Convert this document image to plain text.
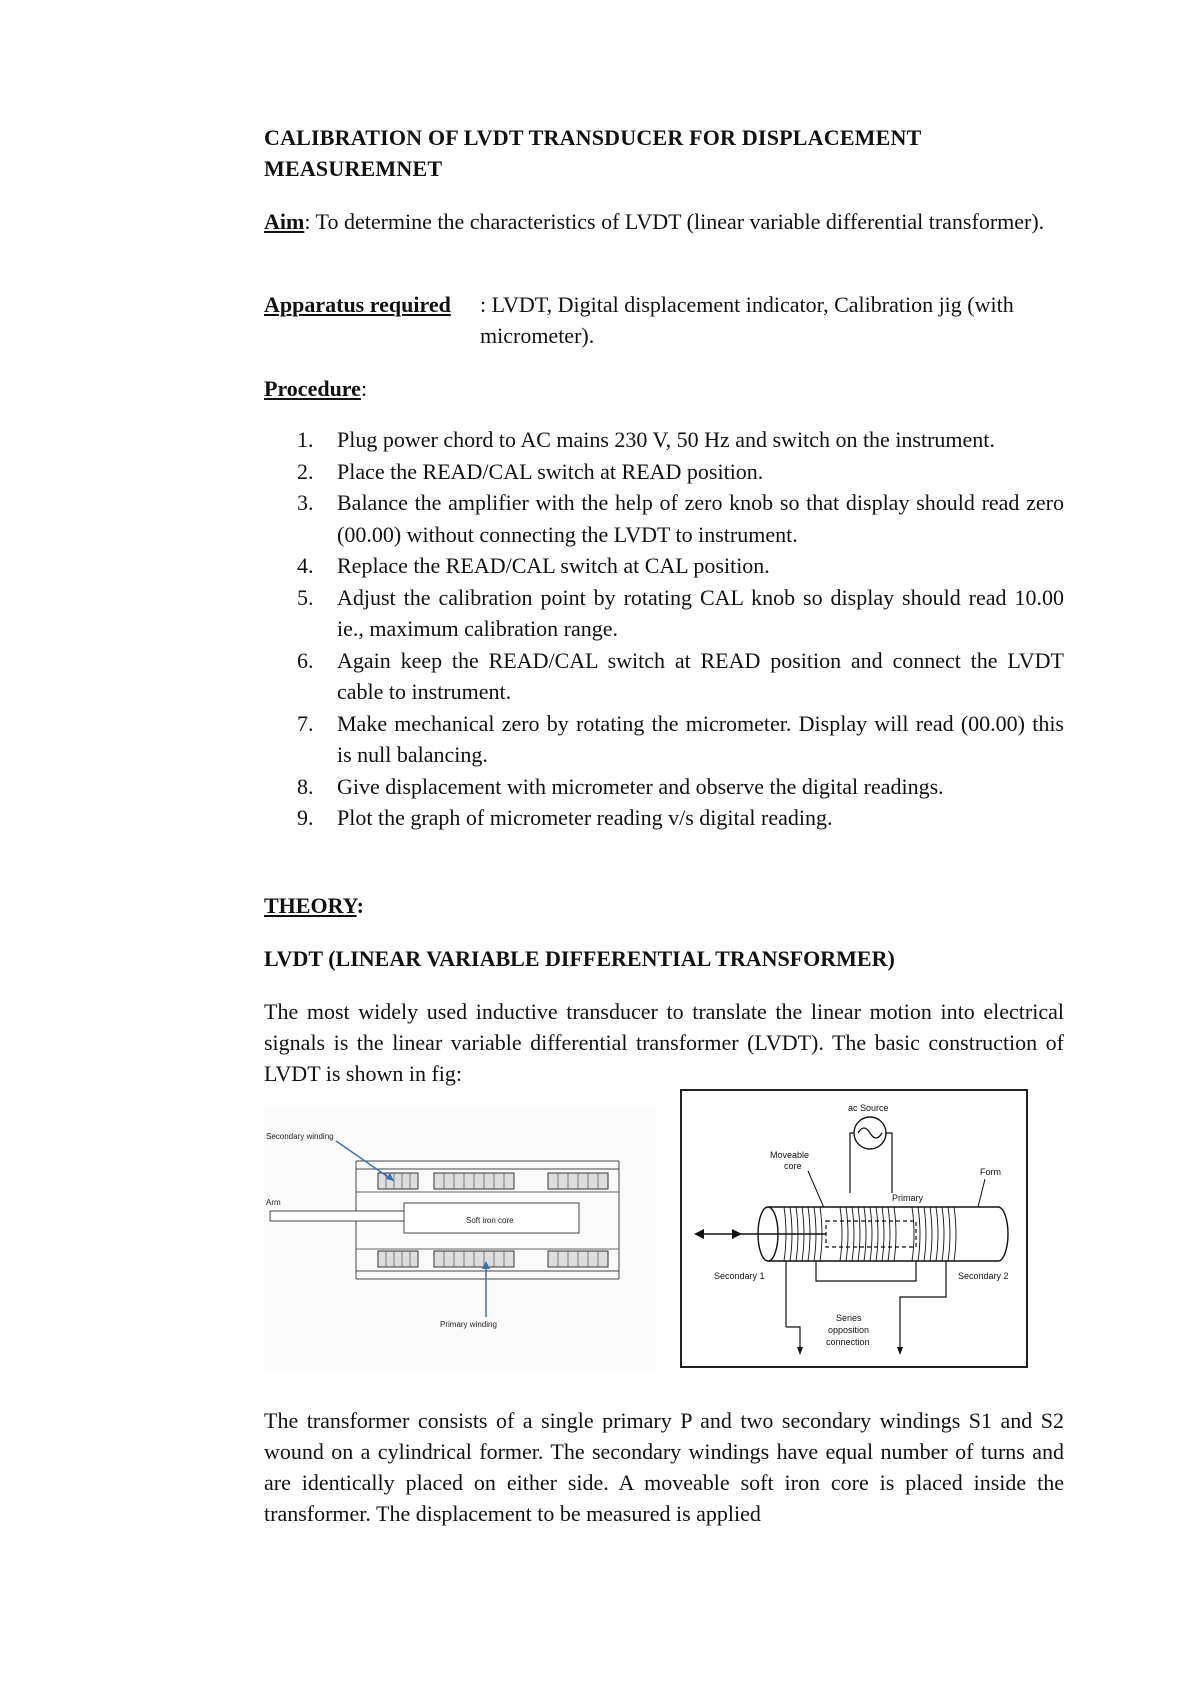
CALIBRATION OF LVDT TRANSDUCER FOR DISPLACEMENT MEASUREMNET
Aim: To determine the characteristics of LVDT (linear variable differential transformer).
Apparatus required : LVDT, Digital displacement indicator, Calibration jig (with micrometer).
Procedure:
1. Plug power chord to AC mains 230 V, 50 Hz and switch on the instrument.
2. Place the READ/CAL switch at READ position.
3. Balance the amplifier with the help of zero knob so that display should read zero (00.00) without connecting the LVDT to instrument.
4. Replace the READ/CAL switch at CAL position.
5. Adjust the calibration point by rotating CAL knob so display should read 10.00 ie., maximum calibration range.
6. Again keep the READ/CAL switch at READ position and connect the LVDT cable to instrument.
7. Make mechanical zero by rotating the micrometer. Display will read (00.00) this is null balancing.
8. Give displacement with micrometer and observe the digital readings.
9. Plot the graph of micrometer reading v/s digital reading.
THEORY:
LVDT (LINEAR VARIABLE DIFFERENTIAL TRANSFORMER)
The most widely used inductive transducer to translate the linear motion into electrical signals is the linear variable differential transformer (LVDT). The basic construction of LVDT is shown in fig:
Soft iron core
Arm
Secondary winding
Primary winding
ac Source
Moveable
core
Form
Primary
Secondary 1	Secondary 2
Series
opposition
connection
The transformer consists of a single primary P and two secondary windings S1 and S2 wound on a cylindrical former. The secondary windings have equal number of turns and are identically placed on either side. A moveable soft iron core is placed inside the transformer. The displacement to be measured is applied
